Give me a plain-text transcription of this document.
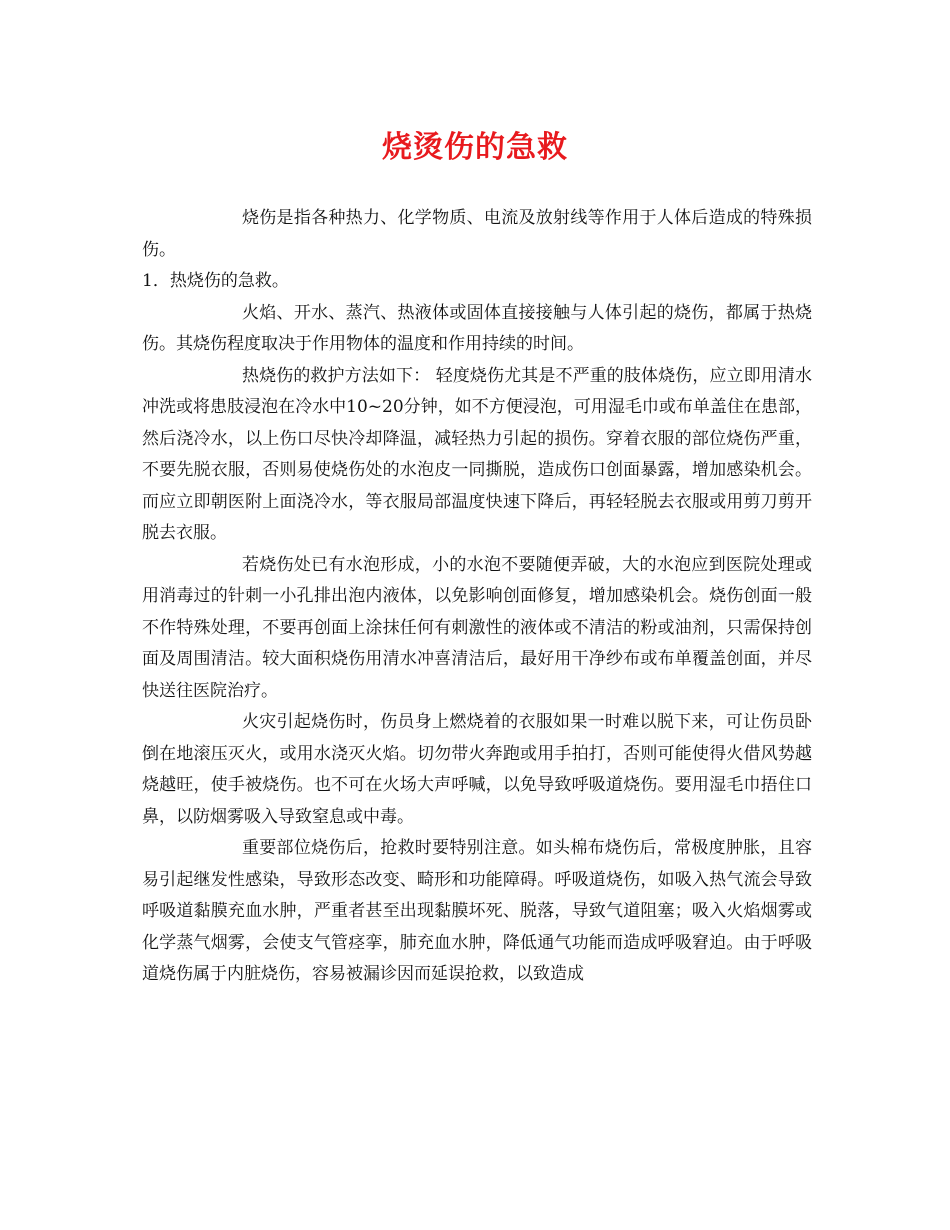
烧烫伤的急救

烧伤是指各种热力、化学物质、电流及放射线等作用于人体后造成的特殊损伤。

1．热烧伤的急救。

火焰、开水、蒸汽、热液体或固体直接接触与人体引起的烧伤，都属于热烧伤。其烧伤程度取决于作用物体的温度和作用持续的时间。

热烧伤的救护方法如下： 轻度烧伤尤其是不严重的肢体烧伤，应立即用清水冲洗或将患肢浸泡在冷水中10~20分钟，如不方便浸泡，可用湿毛巾或布单盖住在患部，然后浇冷水，以上伤口尽快冷却降温，减轻热力引起的损伤。穿着衣服的部位烧伤严重，不要先脱衣服，否则易使烧伤处的水泡皮一同撕脱，造成伤口创面暴露，增加感染机会。而应立即朝医附上面浇冷水，等衣服局部温度快速下降后，再轻轻脱去衣服或用剪刀剪开脱去衣服。

若烧伤处已有水泡形成，小的水泡不要随便弄破，大的水泡应到医院处理或用消毒过的针刺一小孔排出泡内液体，以免影响创面修复，增加感染机会。烧伤创面一般不作特殊处理，不要再创面上涂抹任何有刺激性的液体或不清洁的粉或油剂，只需保持创面及周围清洁。较大面积烧伤用清水冲喜清洁后，最好用干净纱布或布单覆盖创面，并尽快送往医院治疗。

火灾引起烧伤时，伤员身上燃烧着的衣服如果一时难以脱下来，可让伤员卧倒在地滚压灭火，或用水浇灭火焰。切勿带火奔跑或用手拍打，否则可能使得火借风势越烧越旺，使手被烧伤。也不可在火场大声呼喊，以免导致呼吸道烧伤。要用湿毛巾捂住口鼻，以防烟雾吸入导致窒息或中毒。

重要部位烧伤后，抢救时要特别注意。如头棉布烧伤后，常极度肿胀，且容易引起继发性感染，导致形态改变、畸形和功能障碍。呼吸道烧伤，如吸入热气流会导致呼吸道黏膜充血水肿，严重者甚至出现黏膜坏死、脱落，导致气道阻塞；吸入火焰烟雾或化学蒸气烟雾，会使支气管痉挛，肺充血水肿，降低通气功能而造成呼吸窘迫。由于呼吸道烧伤属于内脏烧伤，容易被漏诊因而延误抢救，以致造成
